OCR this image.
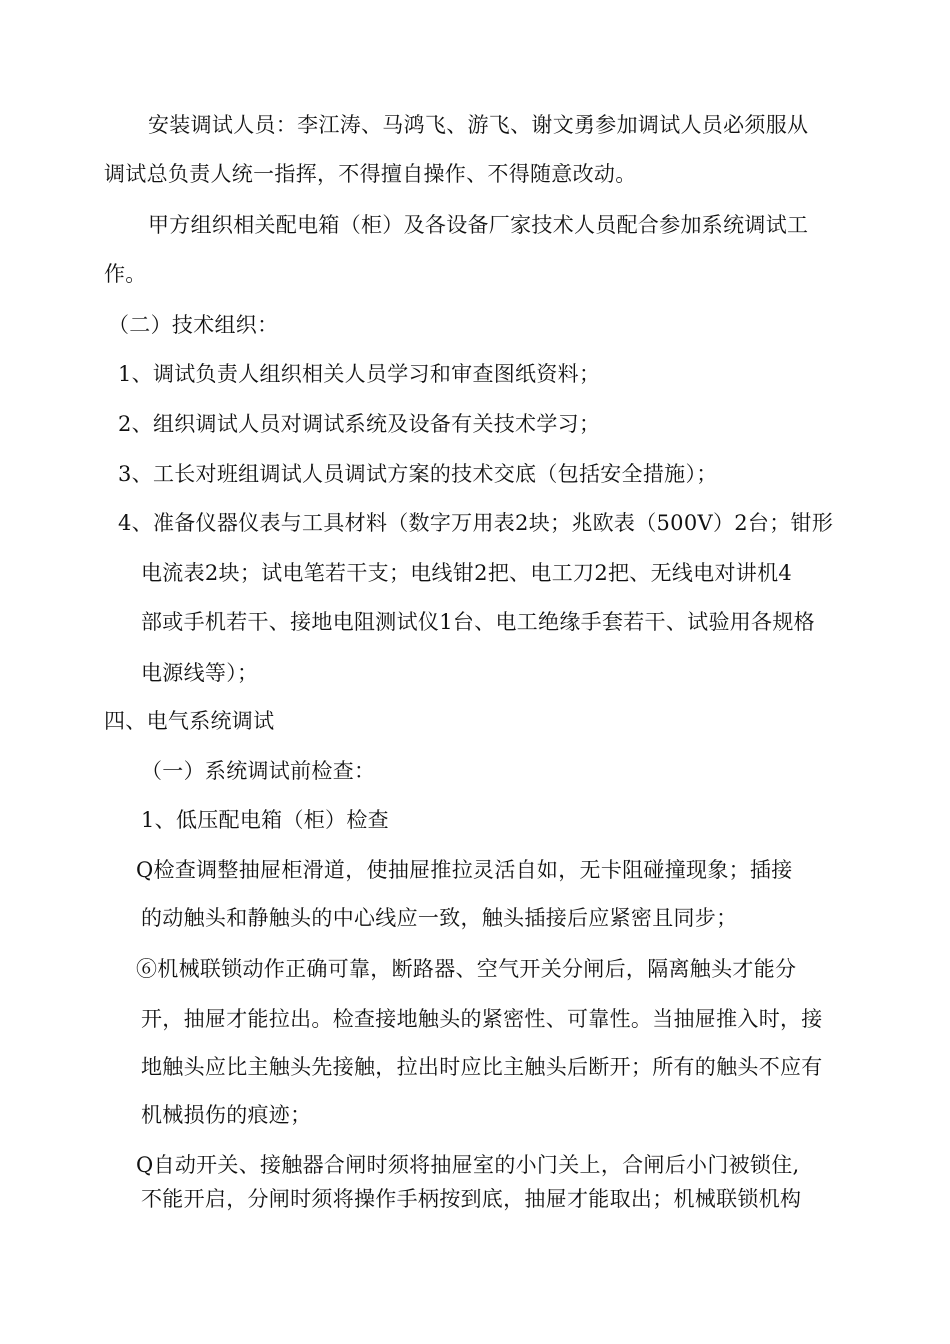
安装调试人员：李江涛、马鸿飞、游飞、谢文勇参加调试人员必须服从
调试总负责人统一指挥，不得擅自操作、不得随意改动。
甲方组织相关配电箱（柜）及各设备厂家技术人员配合参加系统调试工
作。
（二）技术组织：
1、调试负责人组织相关人员学习和审查图纸资料；
2、组织调试人员对调试系统及设备有关技术学习；
3、工长对班组调试人员调试方案的技术交底（包括安全措施）；
4、准备仪器仪表与工具材料（数字万用表2块；兆欧表（500V）2台；钳形
电流表2块；试电笔若干支；电线钳2把、电工刀2把、无线电对讲机4
部或手机若干、接地电阻测试仪1台、电工绝缘手套若干、试验用各规格
电源线等）；
四、电气系统调试
（一）系统调试前检查：
1、低压配电箱（柜）检查
Q检查调整抽屉柜滑道，使抽屉推拉灵活自如，无卡阻碰撞现象；插接
的动触头和静触头的中心线应一致，触头插接后应紧密且同步；
⑥机械联锁动作正确可靠，断路器、空气开关分闸后，隔离触头才能分
开，抽屉才能拉出。检查接地触头的紧密性、可靠性。当抽屉推入时，接
地触头应比主触头先接触，拉出时应比主触头后断开；所有的触头不应有
机械损伤的痕迹；
Q自动开关、接触器合闸时须将抽屉室的小门关上，合闸后小门被锁住,
不能开启，分闸时须将操作手柄按到底，抽屉才能取出；机械联锁机构
